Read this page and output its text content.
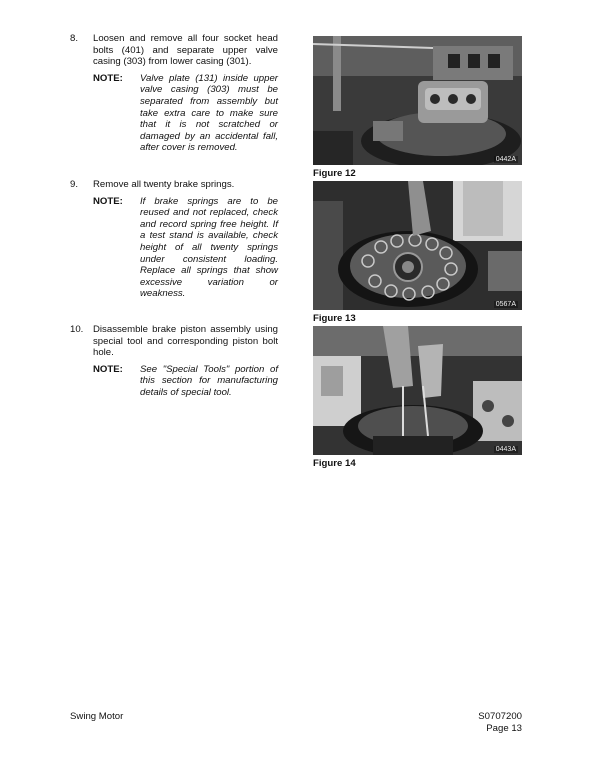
8.	Loosen and remove all four socket head bolts (401) and separate upper valve casing (303) from lower casing (301).
NOTE: Valve plate (131) inside upper valve casing (303) must be separated from assembly but take extra care to make sure that it is not scratched or damaged by an accidental fall, after cover is removed.
9.	Remove all twenty brake springs.
NOTE: If brake springs are to be reused and not replaced, check and record spring free height. If a test stand is available, check height of all twenty springs under consistent loading. Replace all springs that show excessive variation or weakness.
10.	Disassemble brake piston assembly using special tool and corresponding piston bolt hole.
NOTE: See "Special Tools" portion of this section for manufacturing details of special tool.
0442A
Figure 12
0567A
Figure 13
0443A
Figure 14
Swing Motor	S0707200
Page 13
